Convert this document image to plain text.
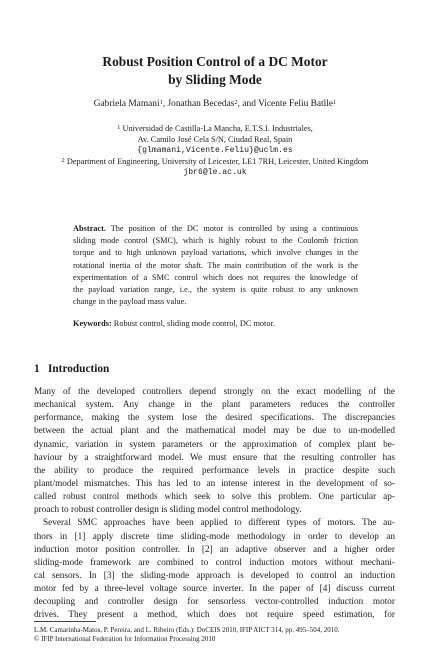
Robust Position Control of a DC Motor
by Sliding Mode
Gabriela Mamani$^1$, Jonathan Becedas$^2$, and Vicente Feliu Batlle$^1$
$^1$ Universidad de Castilla-La Mancha, E.T.S.I. Industriales,
Av. Camilo José Cela S/N, Ciudad Real, Spain
{glmamani,Vicente.Feliu}@uclm.es
$^2$ Department of Engineering, University of Leicester, LE1 7RH, Leicester, United Kingdom
jbr6@le.ac.uk
Abstract. The position of the DC motor is controlled by using a continuous
sliding mode control (SMC), which is highly robust to the Coulomb friction
torque and to high unknown payload variations, which involve changes in the
rotational inertia of the motor shaft. The main contribution of the work is the
experimentation of a SMC control which does not requires the knowledge of
the payload variation range, i.e., the system is quite robust to any unknown
change in the payload mass value.
Keywords: Robust control, sliding mode control, DC motor.
1 Introduction
Many of the developed controllers depend strongly on the exact modelling of the
mechanical system. Any change in the plant parameters reduces the controller
performance, making the system lose the desired specifications. The discrepancies
between the actual plant and the mathematical model may be due to un-modelled
dynamic, variation in system parameters or the approximation of complex plant be-
haviour by a straightforward model. We must ensure that the resulting controller has
the ability to produce the required performance levels in practice despite such
plant/model mismatches. This has led to an intense interest in the development of so-
called robust control methods which seek to solve this problem. One particular ap-
proach to robust controller design is sliding model control methodology.
Several SMC approaches have been applied to different types of motors. The au-
thors in [1] apply discrete time sliding-mode methodology in order to develop an
induction motor position controller. In [2] an adaptive observer and a higher order
sliding-mode framework are combined to control induction motors without mechani-
cal sensors. In [3] the sliding-mode approach is developed to control an induction
motor fed by a three-level voltage source inverter. In the paper of [4] discuss current
decoupling and controller design for sensorless vector-controlled induction motor
drives. They present a method, which does not require speed estimation, for
L.M. Camarinha-Matos, P. Pereira, and L. Ribeiro (Eds.): DoCEIS 2010, IFIP AICT 314, pp. 495–504, 2010.
© IFIP International Federation for Information Processing 2010
